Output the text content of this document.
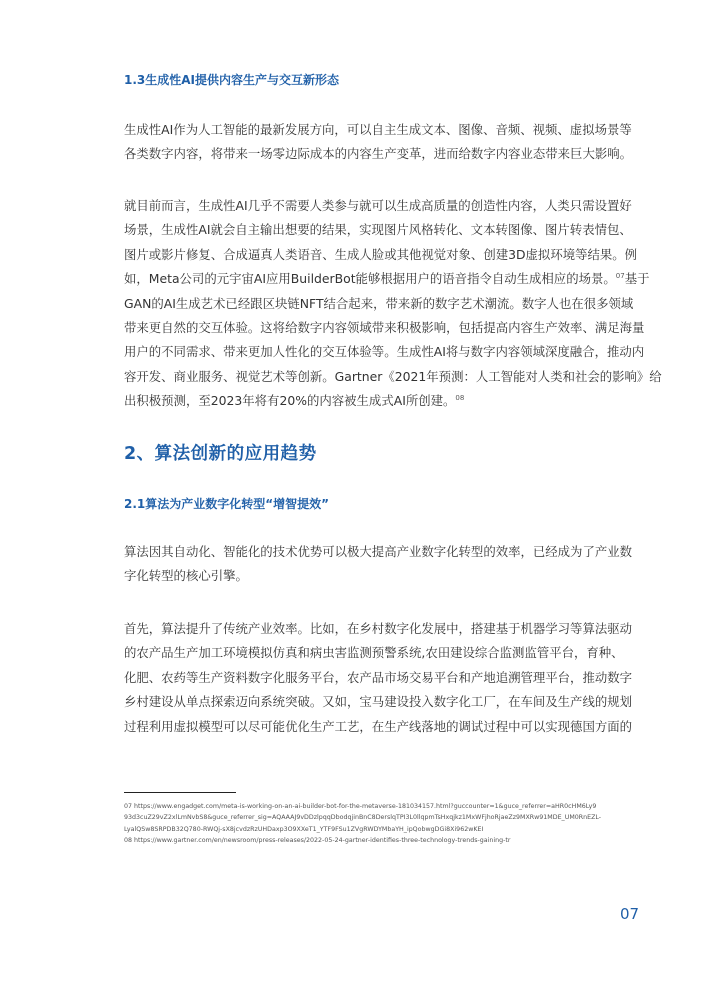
1.3生成性AI提供内容生产与交互新形态

生成性AI作为人工智能的最新发展方向，可以自主生成文本、图像、音频、视频、虚拟场景等
各类数字内容，将带来一场零边际成本的内容生产变革，进而给数字内容业态带来巨大影响。

就目前而言，生成性AI几乎不需要人类参与就可以生成高质量的创造性内容，人类只需设置好
场景，生成性AI就会自主输出想要的结果，实现图片风格转化、文本转图像、图片转表情包、
图片或影片修复、合成逼真人类语音、生成人脸或其他视觉对象、创建3D虚拟环境等结果。例
如，Meta公司的元宇宙AI应用BuilderBot能够根据用户的语音指令自动生成相应的场景。$^{07}$基于
GAN的AI生成艺术已经跟区块链NFT结合起来，带来新的数字艺术潮流。数字人也在很多领域
带来更自然的交互体验。这将给数字内容领域带来积极影响，包括提高内容生产效率、满足海量
用户的不同需求、带来更加人性化的交互体验等。生成性AI将与数字内容领域深度融合，推动内
容开发、商业服务、视觉艺术等创新。Gartner《2021年预测：人工智能对人类和社会的影响》给
出积极预测，至2023年将有20%的内容被生成式AI所创建。$^{08}$

2、算法创新的应用趋势
2.1算法为产业数字化转型“增智提效”

算法因其自动化、智能化的技术优势可以极大提高产业数字化转型的效率，已经成为了产业数
字化转型的核心引擎。

首先，算法提升了传统产业效率。比如，在乡村数字化发展中，搭建基于机器学习等算法驱动
的农产品生产加工环境模拟仿真和病虫害监测预警系统,农田建设综合监测监管平台，育种、
化肥、农药等生产资料数字化服务平台，农产品市场交易平台和产地追溯管理平台，推动数字
乡村建设从单点探索迈向系统突破。又如，宝马建设投入数字化工厂，在车间及生产线的规划
过程利用虚拟模型可以尽可能优化生产工艺，在生产线落地的调试过程中可以实现德国方面的

07 https://www.engadget.com/meta-is-working-on-an-ai-builder-bot-for-the-metaverse-181034157.html?guccounter=1&guce_referrer=aHR0cHM6Ly9
93d3cuZ29vZ2xlLmNvbS8&guce_referrer_sig=AQAAAJ9vDDzlpqqDbodqjinBnC8DerslqTPI3L0llqpmTsHxqjkz1MxWFjhoRjaeZz9MXRw91MDE_UM0RnEZL-
LyalQSw8SRPDB32Q780-RWQj-sX8jcvdzRzUHDaxp3O9XXeT1_YTF9FSu1ZVgRWDYMbaYH_ipQobwgDGi8Xi962wKEI
08 https://www.gartner.com/en/newsroom/press-releases/2022-05-24-gartner-identifies-three-technology-trends-gaining-tr
07
